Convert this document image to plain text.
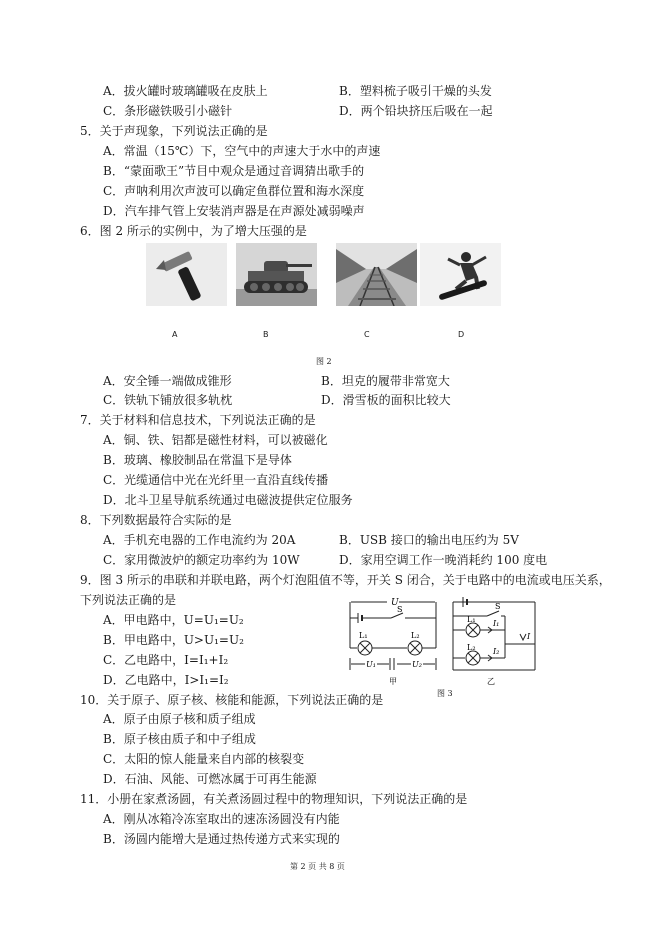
A．拔火罐时玻璃罐吸在皮肤上	B．塑料梳子吸引干燥的头发
C．条形磁铁吸引小磁针	D．两个铅块挤压后吸在一起
5．关于声现象，下列说法正确的是
A．常温（15℃）下，空气中的声速大于水中的声速
B．“蒙面歌王”节目中观众是通过音调猜出歌手的
C．声呐利用次声波可以确定鱼群位置和海水深度
D．汽车排气管上安装消声器是在声源处减弱噪声
6．图 2 所示的实例中，为了增大压强的是
A	B	C	D
图 2
A．安全锤一端做成锥形	B．坦克的履带非常宽大
C．铁轨下铺放很多轨枕	D．滑雪板的面积比较大
7．关于材料和信息技术，下列说法正确的是
A．铜、铁、铝都是磁性材料，可以被磁化
B．玻璃、橡胶制品在常温下是导体
C．光缆通信中光在光纤里一直沿直线传播
D．北斗卫星导航系统通过电磁波提供定位服务
8．下列数据最符合实际的是
A．手机充电器的工作电流约为 20A	B．USB 接口的输出电压约为 5V
C．家用微波炉的额定功率约为 10W	D．家用空调工作一晚消耗约 100 度电
9．图 3 所示的串联和并联电路，两个灯泡阻值不等，开关 S 闭合，关于电路中的电流或电压关系，
下列说法正确的是
A．甲电路中，U=U₁=U₂
B．甲电路中，U>U₁=U₂
C．乙电路中，I=I₁+I₂
D．乙电路中，I>I₁=I₂
U
S
L₁	L₂
U₁	U₂
甲
L₁
S
L₂
I₁
I₂
I
乙
图 3
10．关于原子、原子核、核能和能源，下列说法正确的是
A．原子由原子核和质子组成
B．原子核由质子和中子组成
C．太阳的惊人能量来自内部的核裂变
D．石油、风能、可燃冰属于可再生能源
11．小册在家煮汤圆，有关煮汤圆过程中的物理知识，下列说法正确的是
A．刚从冰箱冷冻室取出的速冻汤圆没有内能
B．汤圆内能增大是通过热传递方式来实现的
第 2 页 共 8 页
